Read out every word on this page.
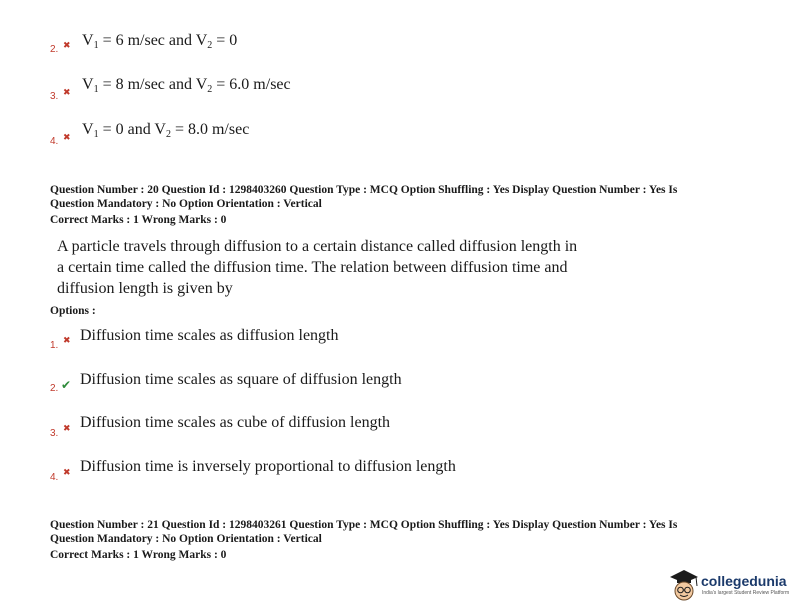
2. ✖ $V_1 = 6$ m/sec and $V_2 = 0$
3. ✖ $V_1 = 8$ m/sec and $V_2 = 6.0$ m/sec
4. ✖ $V_1 = 0$ and $V_2 = 8.0$ m/sec
Question Number : 20 Question Id : 1298403260 Question Type : MCQ Option Shuffling : Yes Display Question Number : Yes Is
Question Mandatory : No Option Orientation : Vertical
Correct Marks : 1 Wrong Marks : 0
A particle travels through diffusion to a certain distance called diffusion length in
a certain time called the diffusion time. The relation between diffusion time and
diffusion length is given by
Options :
1. ✖ Diffusion time scales as diffusion length
2. ✔ Diffusion time scales as square of diffusion length
3. ✖ Diffusion time scales as cube of diffusion length
4. ✖ Diffusion time is inversely proportional to diffusion length
Question Number : 21 Question Id : 1298403261 Question Type : MCQ Option Shuffling : Yes Display Question Number : Yes Is
Question Mandatory : No Option Orientation : Vertical
Correct Marks : 1 Wrong Marks : 0
collegedunia
India's largest Student Review Platform
